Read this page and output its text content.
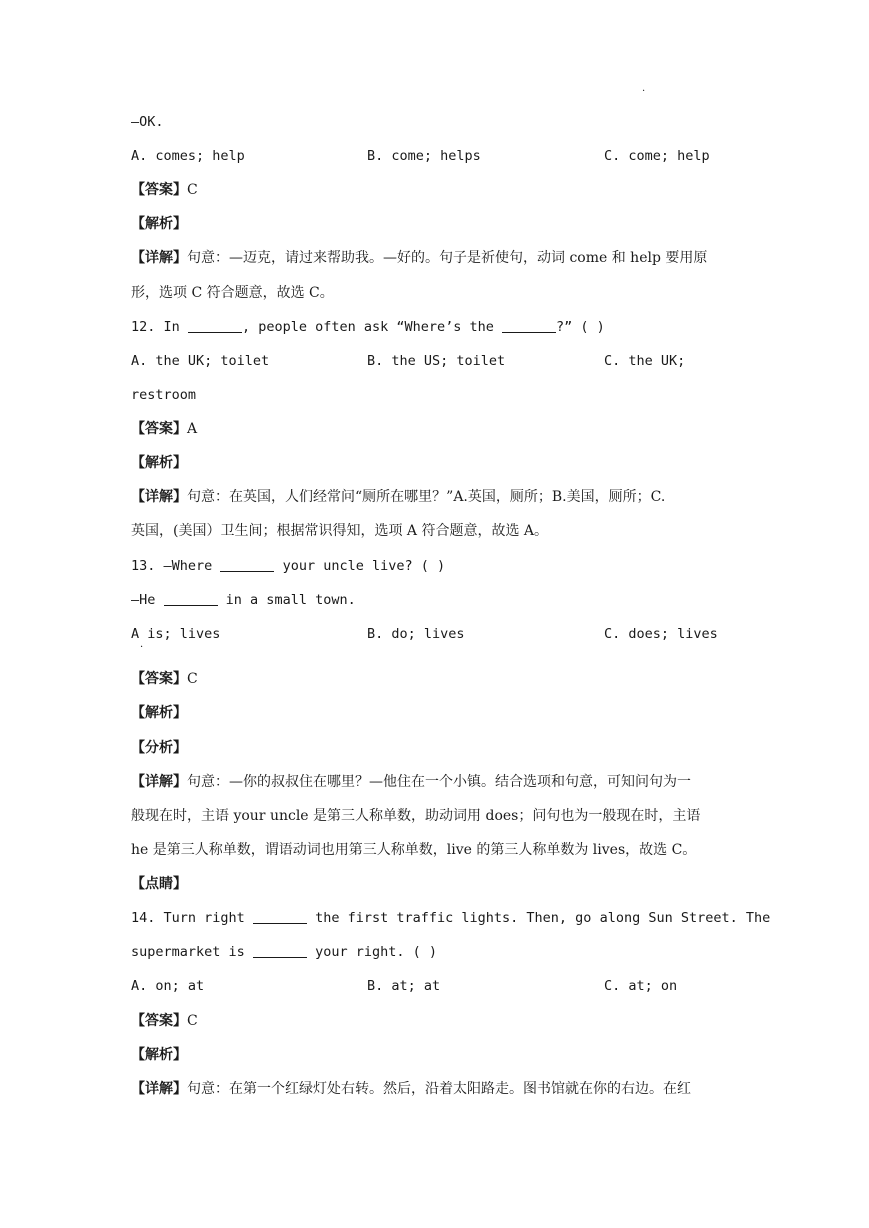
.
—OK.
A. comes; help	B. come; helps	C. come; help
【答案】C
【解析】
【详解】句意：—迈克，请过来帮助我。—好的。句子是祈使句，动词 come 和 help 要用原
形，选项 C 符合题意，故选 C。
12. In	, people often ask “Where’s the	?” ( )
A. the UK; toilet	B. the US; toilet	C. the UK;
restroom
【答案】A
【解析】
【详解】句意：在英国，人们经常问“厕所在哪里？”A.英国，厕所；B.美国，厕所；C.
英国，(美国）卫生间；根据常识得知，选项 A 符合题意，故选 A。
13. —Where	your uncle live? ( )
—He	in a small town.
A is; lives	B. do; lives	C. does; lives
·
【答案】C
【解析】
【分析】
【详解】句意：—你的叔叔住在哪里？—他住在一个小镇。结合选项和句意，可知问句为一
般现在时，主语 your uncle 是第三人称单数，助动词用 does；问句也为一般现在时，主语
he 是第三人称单数，谓语动词也用第三人称单数，live 的第三人称单数为 lives，故选 C。
【点睛】
14. Turn right	the first traffic lights. Then, go along Sun Street. The
supermarket is	your right. ( )
A. on; at	B. at; at	C. at; on
【答案】C
【解析】
【详解】句意：在第一个红绿灯处右转。然后，沿着太阳路走。图书馆就在你的右边。在红
